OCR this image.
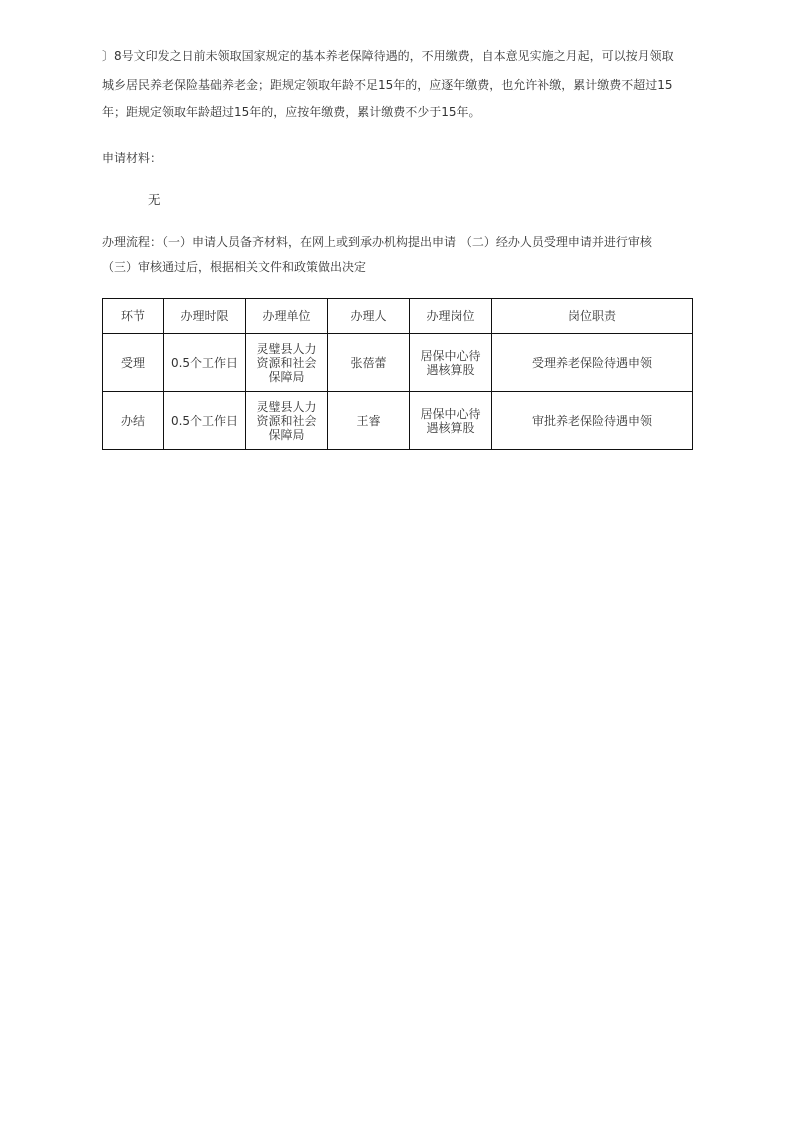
〕8号文印发之日前未领取国家规定的基本养老保障待遇的，不用缴费，自本意见实施之月起，可以按月领取
城乡居民养老保险基础养老金；距规定领取年龄不足15年的，应逐年缴费，也允许补缴，累计缴费不超过15
年；距规定领取年龄超过15年的，应按年缴费，累计缴费不少于15年。
申请材料：
无
办理流程：（一）申请人员备齐材料，在网上或到承办机构提出申请 （二）经办人员受理申请并进行审核
（三）审核通过后，根据相关文件和政策做出决定
环节	办理时限	办理单位	办理人	办理岗位	岗位职责
受理	0.5个工作日	灵璧县人力资源和社会保障局	张蓓蕾	居保中心待遇核算股	受理养老保险待遇申领
办结	0.5个工作日	灵璧县人力资源和社会保障局	王睿	居保中心待遇核算股	审批养老保险待遇申领
